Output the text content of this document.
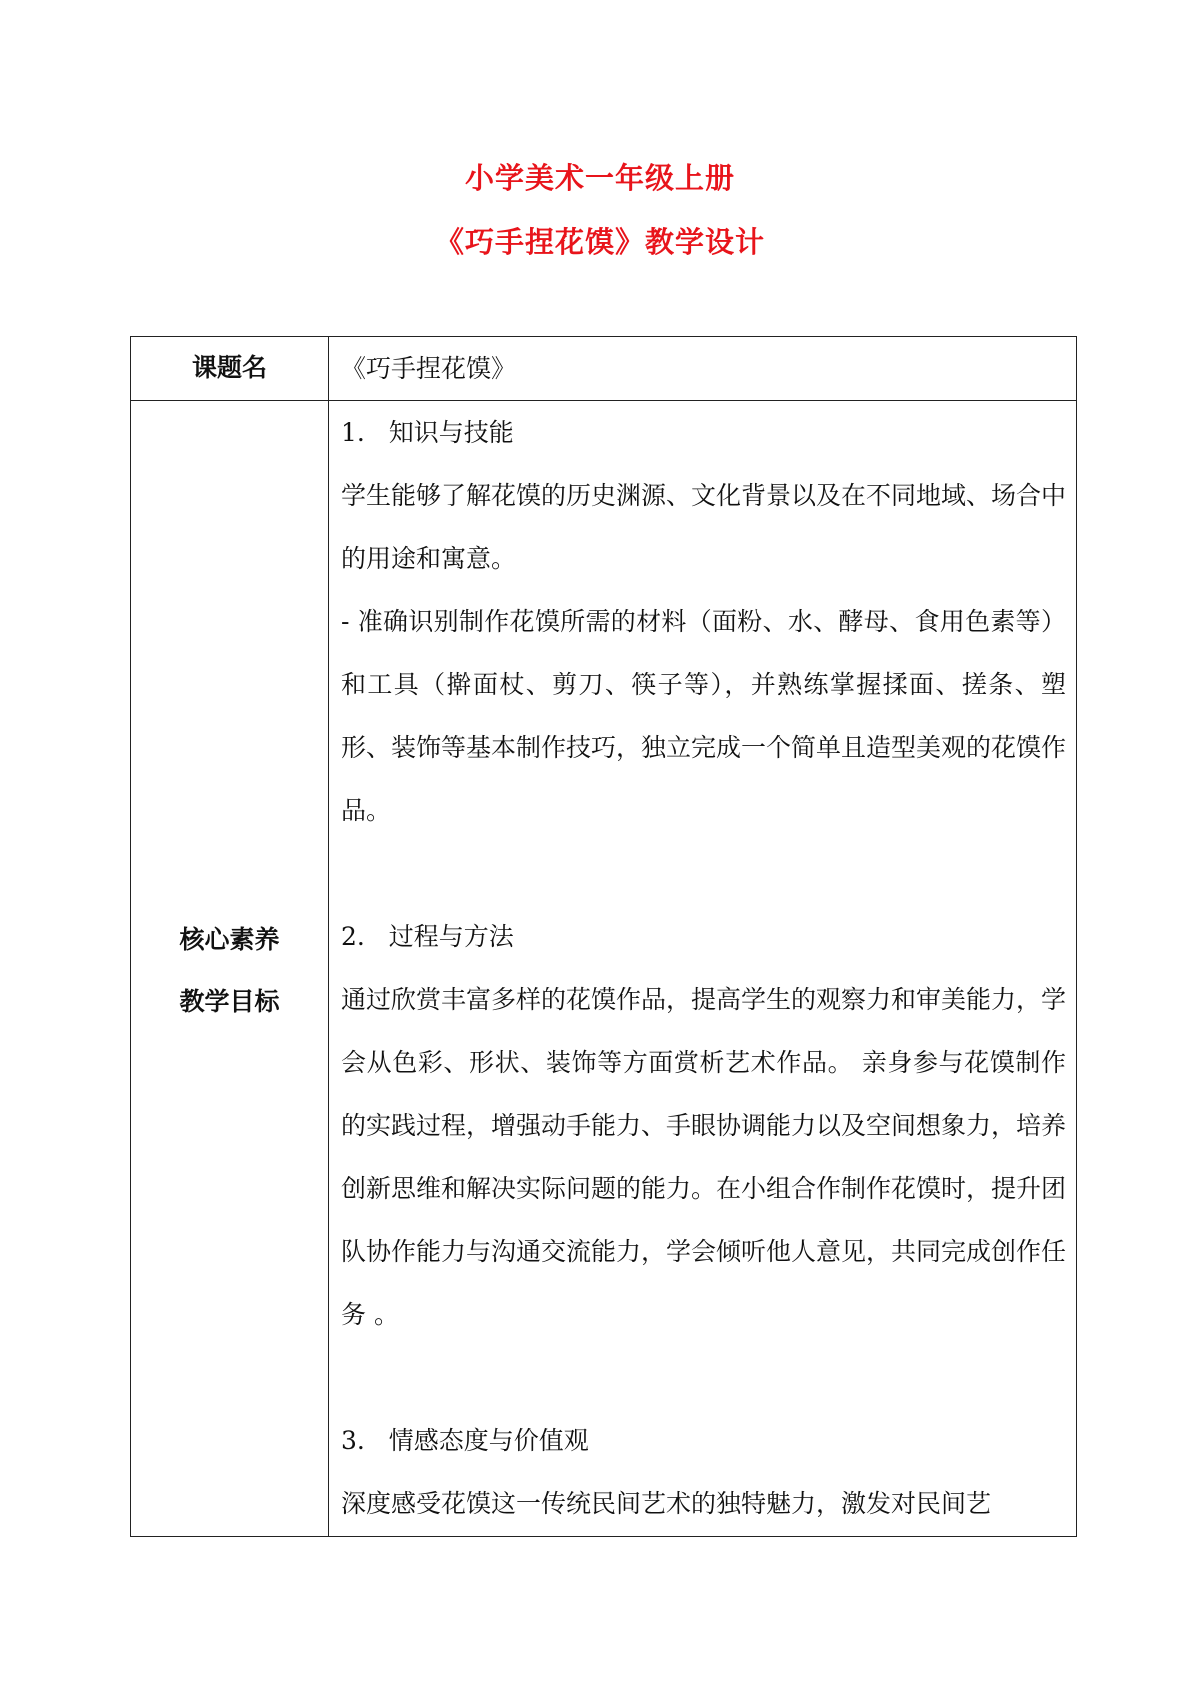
小学美术一年级上册
《巧手捏花馍》教学设计
课题名	《巧手捏花馍》
核心素养
教学目标

1.   知识与技能

学生能够了解花馍的历史渊源、文化背景以及在不同地域、场合中的用途和寓意。

- 准确识别制作花馍所需的材料（面粉、水、酵母、食用色素等）和工具（擀面杖、剪刀、筷子等），并熟练掌握揉面、搓条、塑形、装饰等基本制作技巧，独立完成一个简单且造型美观的花馍作品。

2.   过程与方法

通过欣赏丰富多样的花馍作品，提高学生的观察力和审美能力，学会从色彩、形状、装饰等方面赏析艺术作品。 亲身参与花馍制作的实践过程，增强动手能力、手眼协调能力以及空间想象力，培养创新思维和解决实际问题的能力。在小组合作制作花馍时，提升团队协作能力与沟通交流能力，学会倾听他人意见，共同完成创作任务 。

3.   情感态度与价值观

深度感受花馍这一传统民间艺术的独特魅力，激发对民间艺
